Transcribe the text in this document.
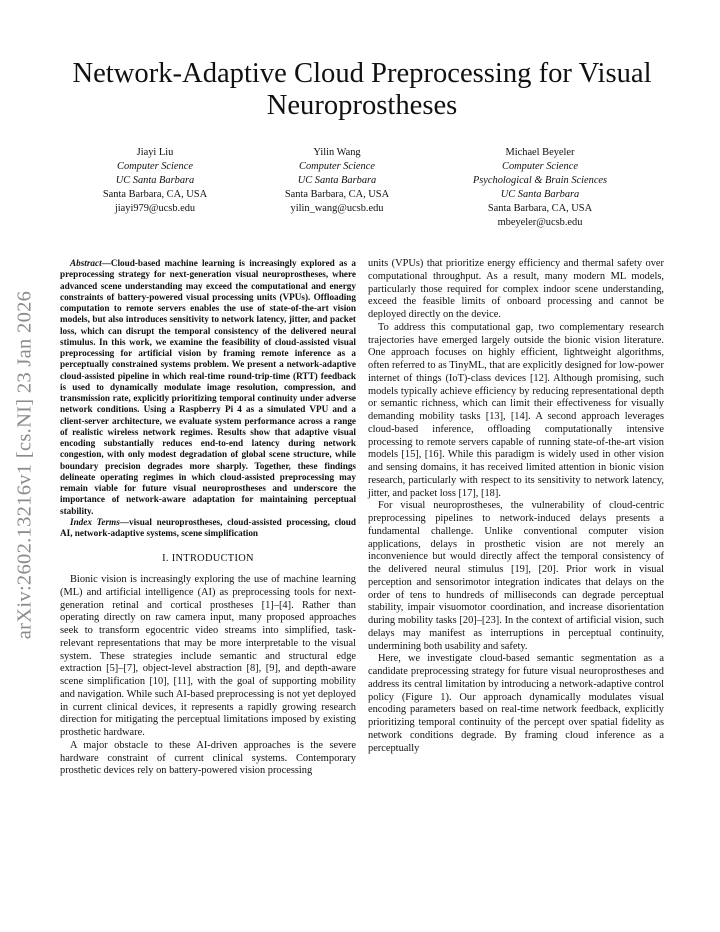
arXiv:2602.13216v1 [cs.NI] 23 Jan 2026
Network-Adaptive Cloud Preprocessing for Visual Neuroprostheses
Jiayi Liu
Computer Science
UC Santa Barbara
Santa Barbara, CA, USA
jiayi979@ucsb.edu
Yilin Wang
Computer Science
UC Santa Barbara
Santa Barbara, CA, USA
yilin_wang@ucsb.edu
Michael Beyeler
Computer Science
Psychological & Brain Sciences
UC Santa Barbara
Santa Barbara, CA, USA
mbeyeler@ucsb.edu

Abstract—Cloud-based machine learning is increasingly explored as a preprocessing strategy for next-generation visual neuroprostheses, where advanced scene understanding may exceed the computational and energy constraints of battery-powered visual processing units (VPUs). Offloading computation to remote servers enables the use of state-of-the-art vision models, but also introduces sensitivity to network latency, jitter, and packet loss, which can disrupt the temporal consistency of the delivered neural stimulus. In this work, we examine the feasibility of cloud-assisted visual preprocessing for artificial vision by framing remote inference as a perceptually constrained systems problem. We present a network-adaptive cloud-assisted pipeline in which real-time round-trip-time (RTT) feedback is used to dynamically modulate image resolution, compression, and transmission rate, explicitly prioritizing temporal continuity under adverse network conditions. Using a Raspberry Pi 4 as a simulated VPU and a client-server architecture, we evaluate system performance across a range of realistic wireless network regimes. Results show that adaptive visual encoding substantially reduces end-to-end latency during network congestion, with only modest degradation of global scene structure, while boundary precision degrades more sharply. Together, these findings delineate operating regimes in which cloud-assisted preprocessing may remain viable for future visual neuroprostheses and underscore the importance of network-aware adaptation for maintaining perceptual stability.

Index Terms—visual neuroprostheses, cloud-assisted processing, cloud AI, network-adaptive systems, scene simplification

I. INTRODUCTION

Bionic vision is increasingly exploring the use of machine learning (ML) and artificial intelligence (AI) as preprocessing tools for next-generation retinal and cortical prostheses [1]–[4]. Rather than operating directly on raw camera input, many proposed approaches seek to transform egocentric video streams into simplified, task-relevant representations that may be more interpretable to the visual system. These strategies include semantic and structural edge extraction [5]–[7], object-level abstraction [8], [9], and depth-aware scene simplification [10], [11], with the goal of supporting mobility and navigation. While such AI-based preprocessing is not yet deployed in current clinical devices, it represents a rapidly growing research direction for mitigating the perceptual limitations imposed by existing prosthetic hardware.

A major obstacle to these AI-driven approaches is the severe hardware constraint of current clinical systems. Contemporary prosthetic devices rely on battery-powered vision processing

units (VPUs) that prioritize energy efficiency and thermal safety over computational throughput. As a result, many modern ML models, particularly those required for complex indoor scene understanding, exceed the feasible limits of onboard processing and cannot be deployed directly on the device.

To address this computational gap, two complementary research trajectories have emerged largely outside the bionic vision literature. One approach focuses on highly efficient, lightweight algorithms, often referred to as TinyML, that are explicitly designed for low-power internet of things (IoT)-class devices [12]. Although promising, such models typically achieve efficiency by reducing representational depth or semantic richness, which can limit their effectiveness for visually demanding mobility tasks [13], [14]. A second approach leverages cloud-based inference, offloading computationally intensive processing to remote servers capable of running state-of-the-art vision models [15], [16]. While this paradigm is widely used in other vision and sensing domains, it has received limited attention in bionic vision research, particularly with respect to its sensitivity to network latency, jitter, and packet loss [17], [18].

For visual neuroprostheses, the vulnerability of cloud-centric preprocessing pipelines to network-induced delays presents a fundamental challenge. Unlike conventional computer vision applications, delays in prosthetic vision are not merely an inconvenience but would directly affect the temporal consistency of the delivered neural stimulus [19], [20]. Prior work in visual perception and sensorimotor integration indicates that delays on the order of tens to hundreds of milliseconds can degrade perceptual stability, impair visuomotor coordination, and increase disorientation during mobility tasks [20]–[23]. In the context of artificial vision, such delays may manifest as interruptions in perceptual continuity, undermining both usability and safety.

Here, we investigate cloud-based semantic segmentation as a candidate preprocessing strategy for future visual neuroprostheses and address its central limitation by introducing a network-adaptive control policy (Figure 1). Our approach dynamically modulates visual encoding parameters based on real-time network feedback, explicitly prioritizing temporal continuity of the percept over spatial fidelity as network conditions degrade. By framing cloud inference as a perceptually
